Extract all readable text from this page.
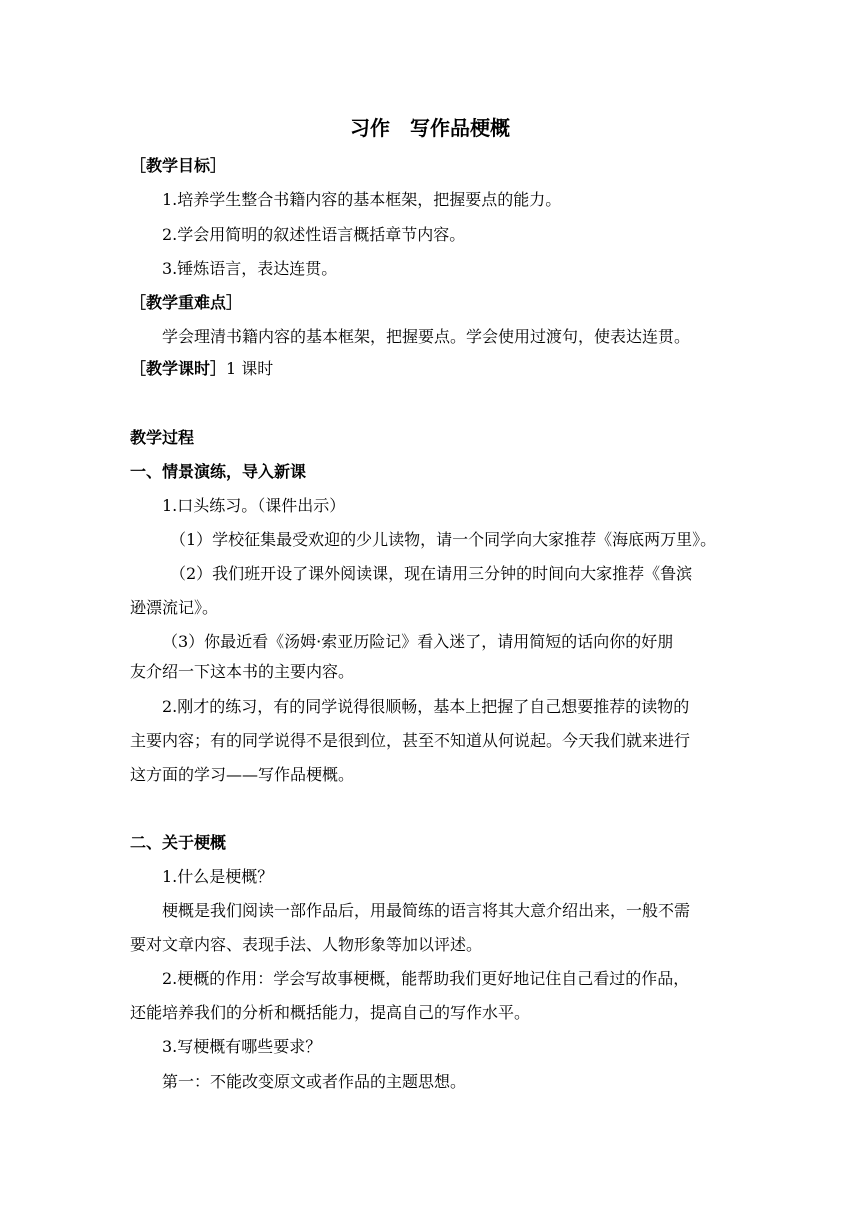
习作　写作品梗概
［教学目标］
1.培养学生整合书籍内容的基本框架，把握要点的能力。
2.学会用简明的叙述性语言概括章节内容。
3.锤炼语言，表达连贯。
［教学重难点］
学会理清书籍内容的基本框架，把握要点。学会使用过渡句，使表达连贯。
［教学课时］1 课时
教学过程
一、情景演练，导入新课
1.口头练习。（课件出示）
（1）学校征集最受欢迎的少儿读物，请一个同学向大家推荐《海底两万里》。
（2）我们班开设了课外阅读课，现在请用三分钟的时间向大家推荐《鲁滨
逊漂流记》。
（3）你最近看《汤姆·索亚历险记》看入迷了，请用简短的话向你的好朋
友介绍一下这本书的主要内容。
2.刚才的练习，有的同学说得很顺畅，基本上把握了自己想要推荐的读物的
主要内容；有的同学说得不是很到位，甚至不知道从何说起。今天我们就来进行
这方面的学习——写作品梗概。
二、关于梗概
1.什么是梗概？
梗概是我们阅读一部作品后，用最简练的语言将其大意介绍出来，一般不需
要对文章内容、表现手法、人物形象等加以评述。
2.梗概的作用：学会写故事梗概，能帮助我们更好地记住自己看过的作品，
还能培养我们的分析和概括能力，提高自己的写作水平。
3.写梗概有哪些要求？
第一：不能改变原文或者作品的主题思想。
